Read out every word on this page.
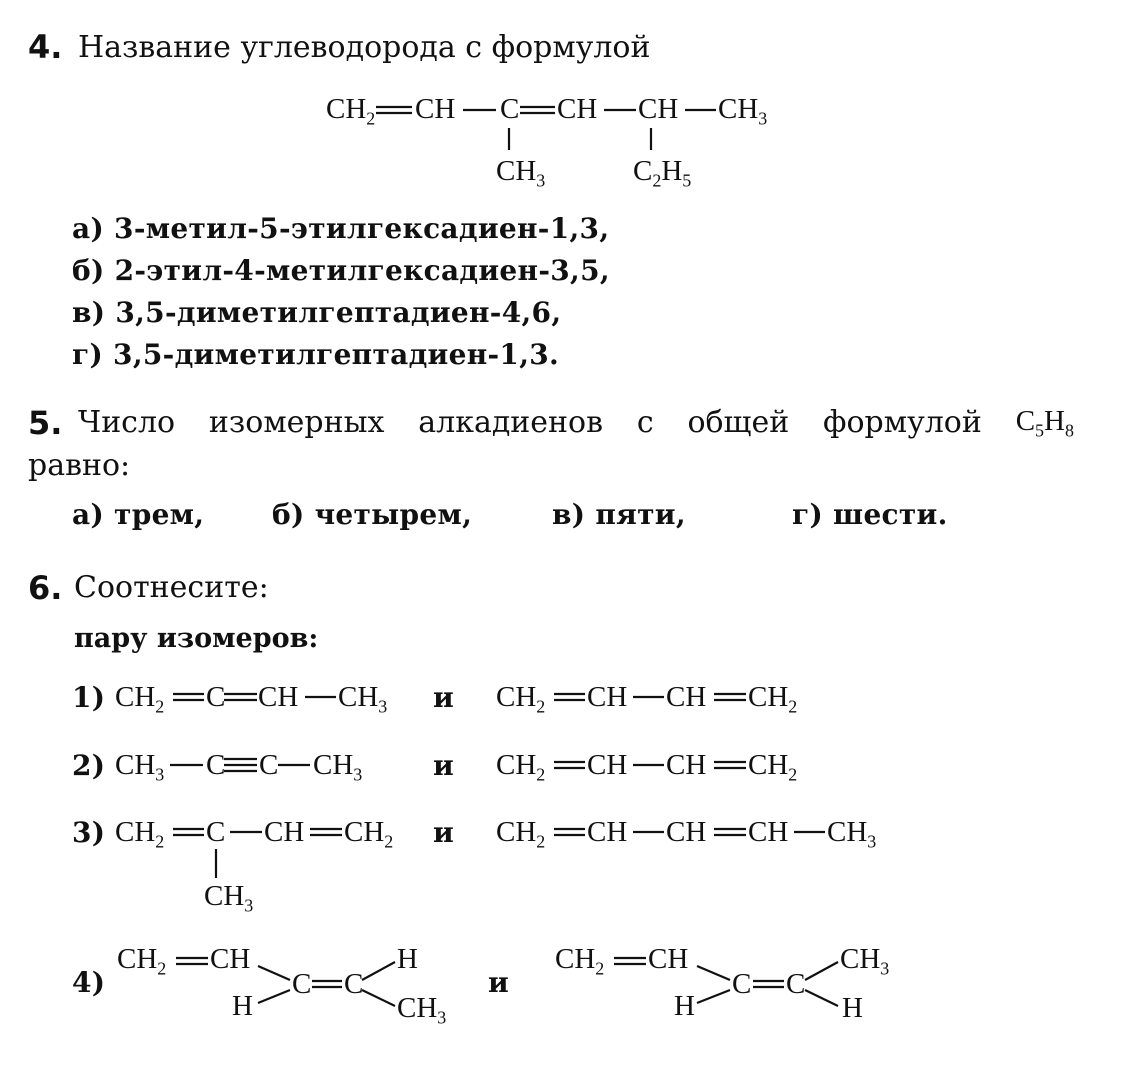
4. Название углеводорода с формулой
$CH_2$ CH C CH CH $CH_3$
$CH_3$	$C_2H_5$
а) 3-метил-5-этилгексадиен-1,3,
б) 2-этил-4-метилгексадиен-3,5,
в) 3,5-диметилгептадиен-4,6,
г) 3,5-диметилгептадиен-1,3.
5. Число изомерных алкадиенов с общей формулой $C_5H_8$
равно:
а) трем, б) четырем,	в) пяти,	г) шести.
6. Соотнесите:
пару изомеров:
1) $CH_2$ C CH $CH_3$ и $CH_2$ CH CH $CH_2$
2) $CH_3$ C C $CH_3$	и $CH_2$ CH CH $CH_2$
3) $CH_2$ C CH $CH_2$
$CH_3$
и $CH_2$ CH CH CH $CH_3$
4)
$CH_2$ CH
H
C C
H
$CH_3$
и
$CH_2$ CH
H
C C
$CH_3$
H
